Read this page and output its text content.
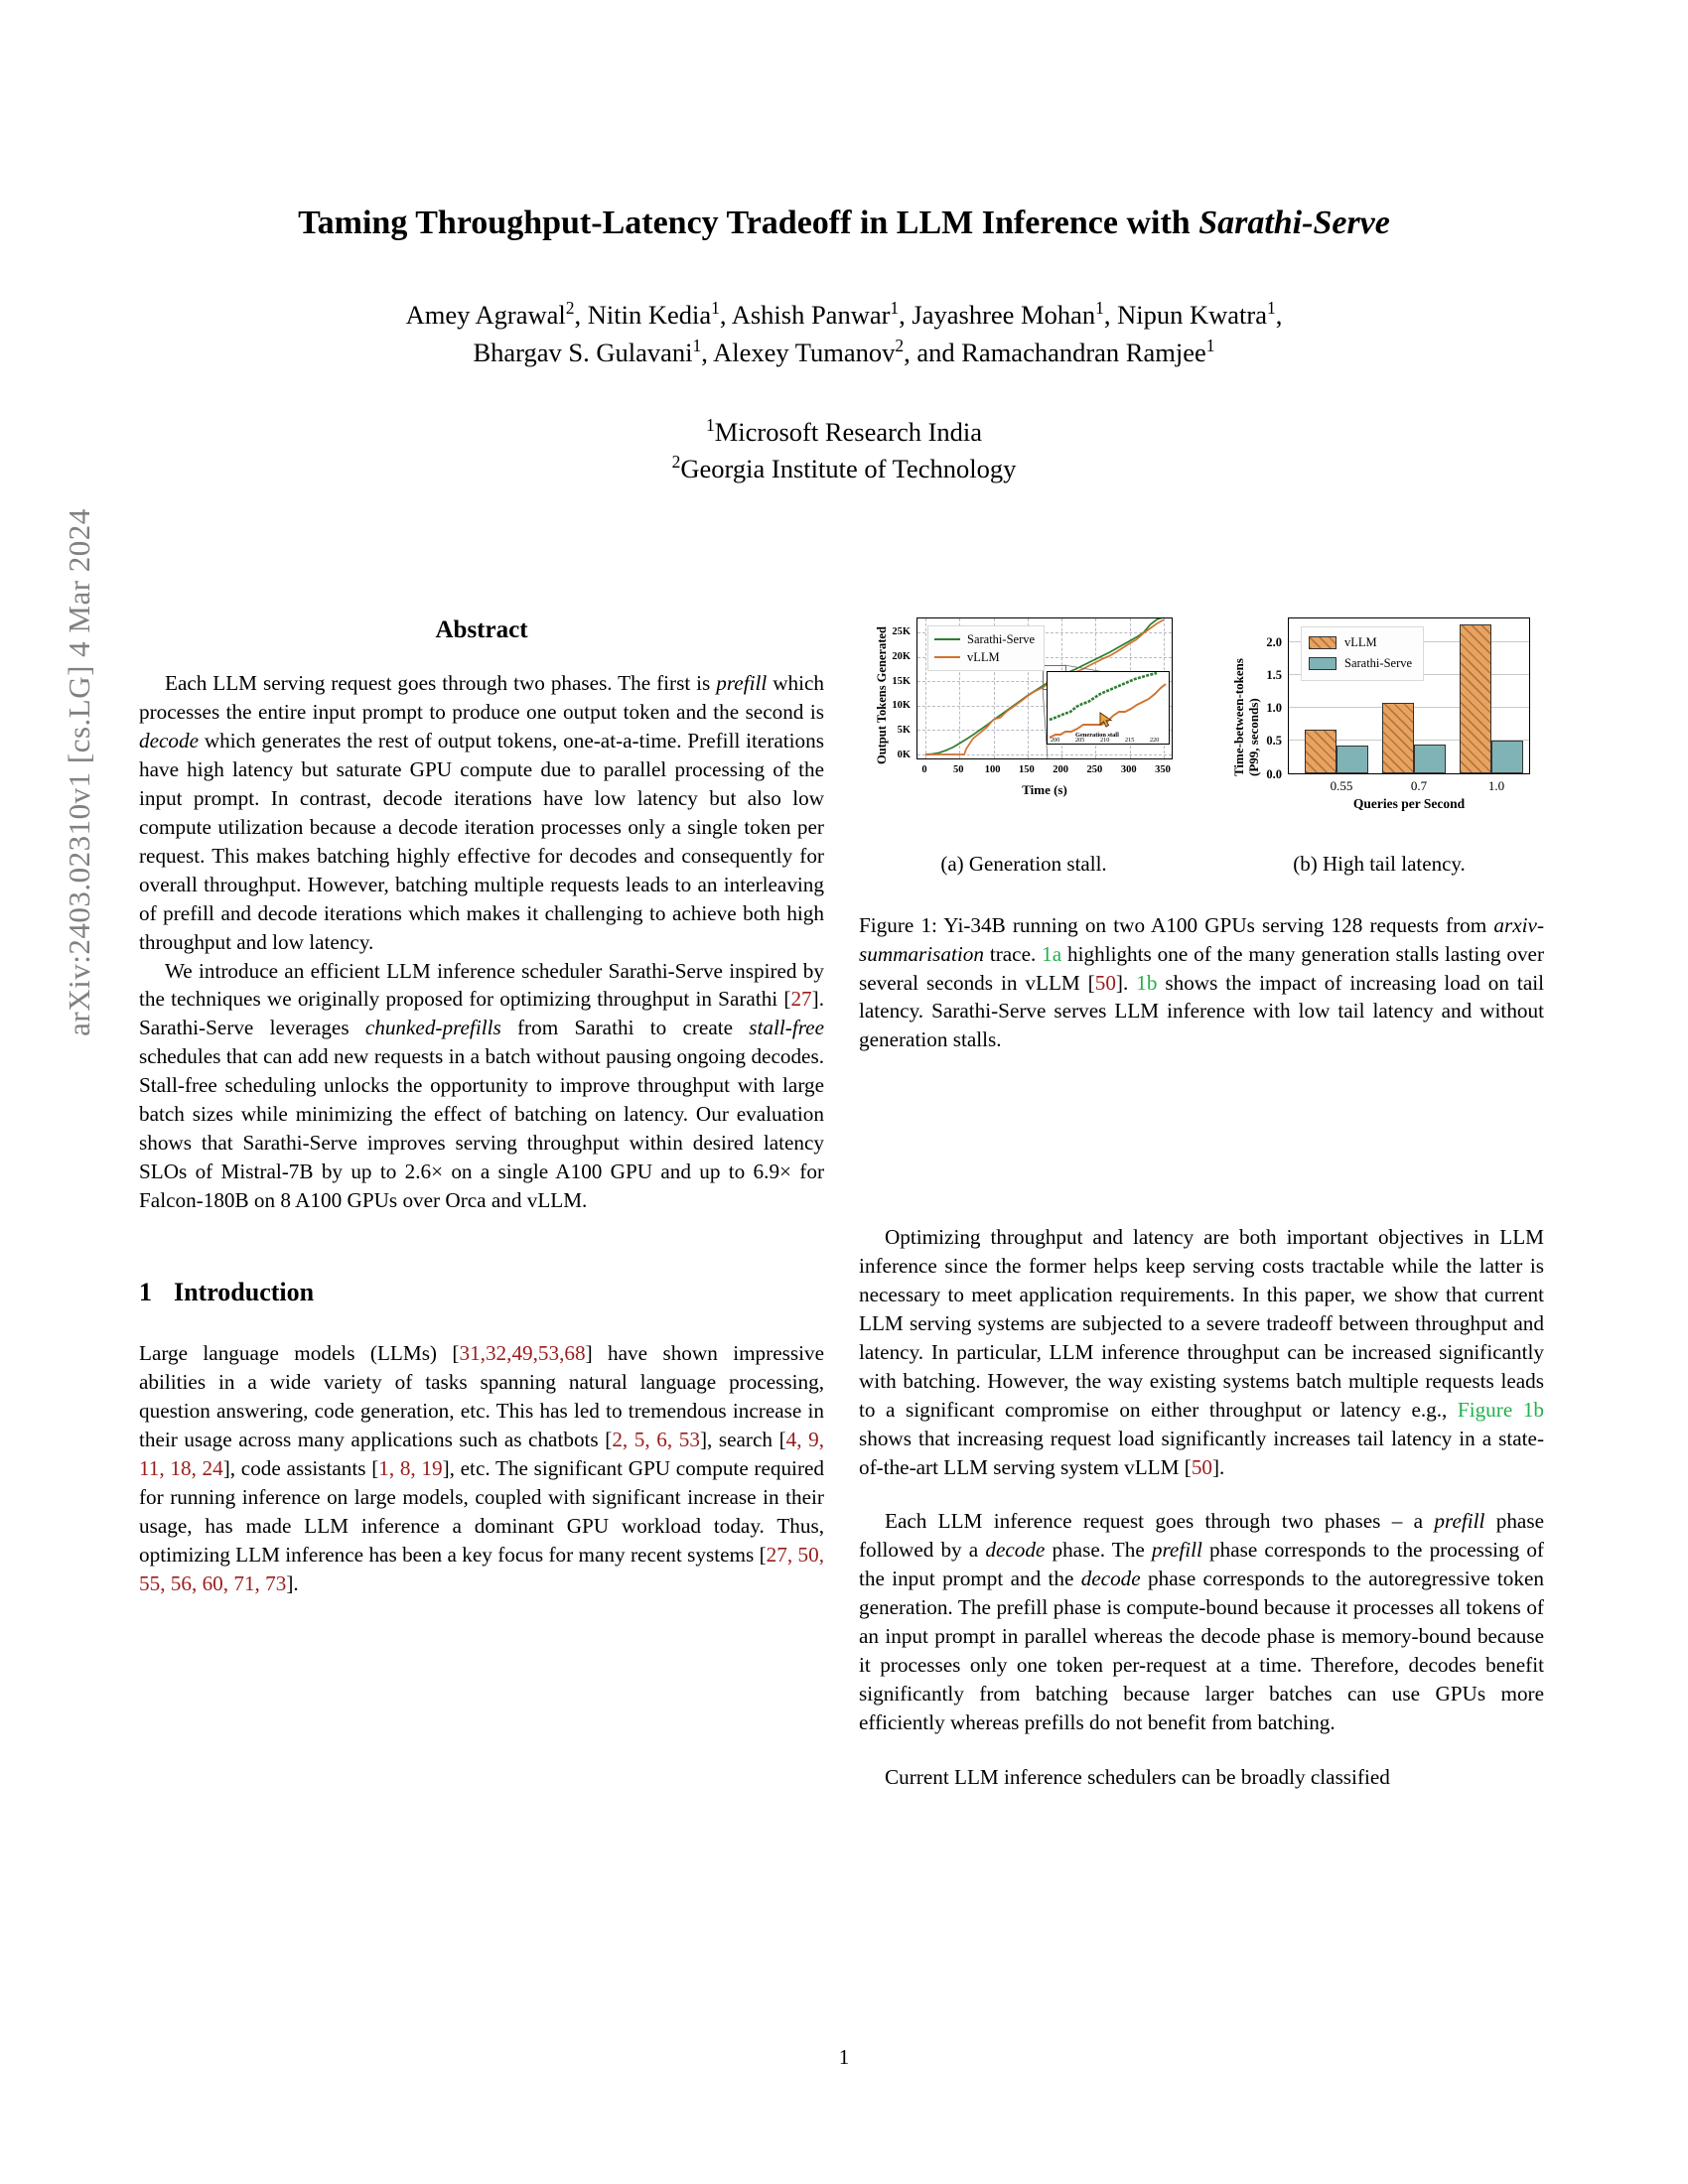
arXiv:2403.02310v1 [cs.LG] 4 Mar 2024
Taming Throughput-Latency Tradeoff in LLM Inference with Sarathi-Serve
Amey Agrawal$^2$, Nitin Kedia$^1$, Ashish Panwar$^1$, Jayashree Mohan$^1$, Nipun Kwatra$^1$,
Bhargav S. Gulavani$^1$, Alexey Tumanov$^2$, and Ramachandran Ramjee$^1$
$^1$Microsoft Research India
$^2$Georgia Institute of Technology
Abstract

Each LLM serving request goes through two phases. The first is prefill which processes the entire input prompt to produce one output token and the second is decode which generates the rest of output tokens, one-at-a-time. Prefill iterations have high latency but saturate GPU compute due to parallel processing of the input prompt. In contrast, decode iterations have low latency but also low compute utilization because a decode iteration processes only a single token per request. This makes batching highly effective for decodes and consequently for overall throughput. However, batching multiple requests leads to an interleaving of prefill and decode iterations which makes it challenging to achieve both high throughput and low latency.

We introduce an efficient LLM inference scheduler Sarathi-Serve inspired by the techniques we originally proposed for optimizing throughput in Sarathi [27]. Sarathi-Serve leverages chunked-prefills from Sarathi to create stall-free schedules that can add new requests in a batch without pausing ongoing decodes. Stall-free scheduling unlocks the opportunity to improve throughput with large batch sizes while minimizing the effect of batching on latency. Our evaluation shows that Sarathi-Serve improves serving throughput within desired latency SLOs of Mistral-7B by up to 2.6× on a single A100 GPU and up to 6.9× for Falcon-180B on 8 A100 GPUs over Orca and vLLM.

1 Introduction

Large language models (LLMs) [31,32,49,53,68] have shown impressive abilities in a wide variety of tasks spanning natural language processing, question answering, code generation, etc. This has led to tremendous increase in their usage across many applications such as chatbots [2, 5, 6, 53], search [4, 9, 11, 18, 24], code assistants [1, 8, 19], etc. The significant GPU compute required for running inference on large models, coupled with significant increase in their usage, has made LLM inference a dominant GPU workload today. Thus, optimizing LLM inference has been a key focus for many recent systems [27, 50, 55, 56, 60, 71, 73].

Output Tokens Generated 0K
5K
10K
15K
20K
25K
Generation stall
200	205	210	215	220
Sarathi-Serve
vLLM
0	50	100	150	200	250	300	350
Time (s)
Time-between-tokens
(P99, seconds) 0.0
0.5
1.0
1.5
2.0	vLLM
Sarathi-Serve
0.55	0.7	1.0
Queries per Second
(a) Generation stall.	(b) High tail latency.
Figure 1: Yi-34B running on two A100 GPUs serving 128 requests from arxiv-summarisation trace. 1a highlights one of the many generation stalls lasting over several seconds in vLLM [50]. 1b shows the impact of increasing load on tail latency. Sarathi-Serve serves LLM inference with low tail latency and without generation stalls.

Optimizing throughput and latency are both important objectives in LLM inference since the former helps keep serving costs tractable while the latter is necessary to meet application requirements. In this paper, we show that current LLM serving systems are subjected to a severe tradeoff between throughput and latency. In particular, LLM inference throughput can be increased significantly with batching. However, the way existing systems batch multiple requests leads to a significant compromise on either throughput or latency e.g., Figure 1b shows that increasing request load significantly increases tail latency in a state-of-the-art LLM serving system vLLM [50].

Each LLM inference request goes through two phases – a prefill phase followed by a decode phase. The prefill phase corresponds to the processing of the input prompt and the decode phase corresponds to the autoregressive token generation. The prefill phase is compute-bound because it processes all tokens of an input prompt in parallel whereas the decode phase is memory-bound because it processes only one token per-request at a time. Therefore, decodes benefit significantly from batching because larger batches can use GPUs more efficiently whereas prefills do not benefit from batching.

Current LLM inference schedulers can be broadly classified

1
